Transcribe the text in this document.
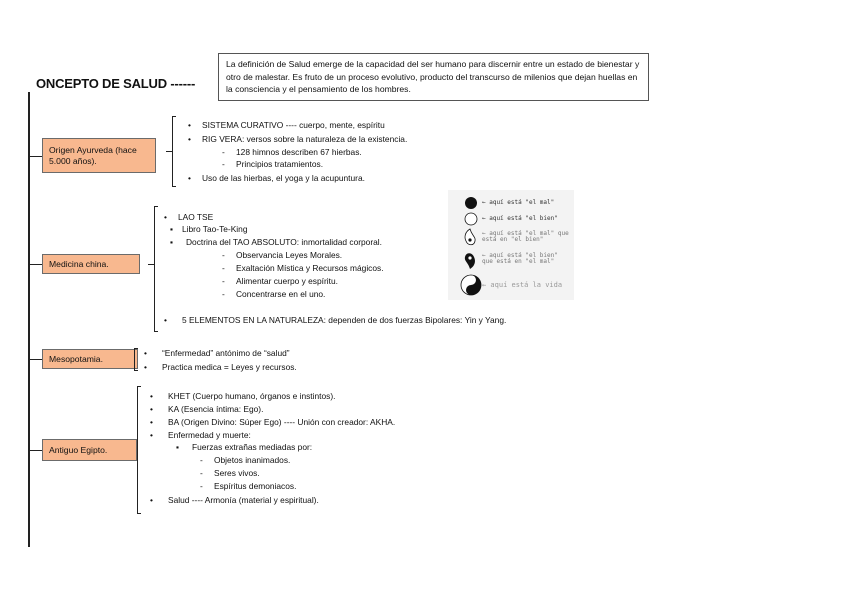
ONCEPTO DE SALUD ------
La definición de Salud emerge de la capacidad del ser humano para discernir entre un estado de bienestar y otro de malestar. Es fruto de un proceso evolutivo, producto del transcurso de milenios que dejan huellas en la consciencia y el pensamiento de los hombres.
Origen Ayurveda (hace 5.000 años).
• SISTEMA CURATIVO ---- cuerpo, mente, espíritu
• RIG VERA: versos sobre la naturaleza de la existencia.
- 128 himnos describen 67 hierbas.
- Principios tratamientos.
• Uso de las hierbas, el yoga y la acupuntura.
Medicina china.
• LAO TSE
▪ Libro Tao-Te-King
▪ Doctrina del TAO ABSOLUTO: inmortalidad corporal.
- Observancia Leyes Morales.
- Exaltación Mística y Recursos mágicos.
- Alimentar cuerpo y espíritu.
- Concentrarse en el uno.
• 5 ELEMENTOS EN LA NATURALEZA: dependen de dos fuerzas Bipolares: Yin y Yang.
← aquí está "el mal"
← aquí está "el bien"
← aquí está "el mal" que está en "el bien"
← aquí está "el bien" que está en "el mal"
← aquí está la vida
Mesopotamia.
• “Enfermedad” antónimo de “salud”
• Practica medica = Leyes y recursos.
Antiguo Egipto.
• KHET (Cuerpo humano, órganos e instintos).
• KA (Esencia íntima: Ego).
• BA (Origen Divino: Súper Ego) ---- Unión con creador: AKHA.
• Enfermedad y muerte:
▪ Fuerzas extrañas mediadas por:
- Objetos inanimados.
- Seres vivos.
- Espíritus demoniacos.
• Salud ---- Armonía (material y espiritual).
